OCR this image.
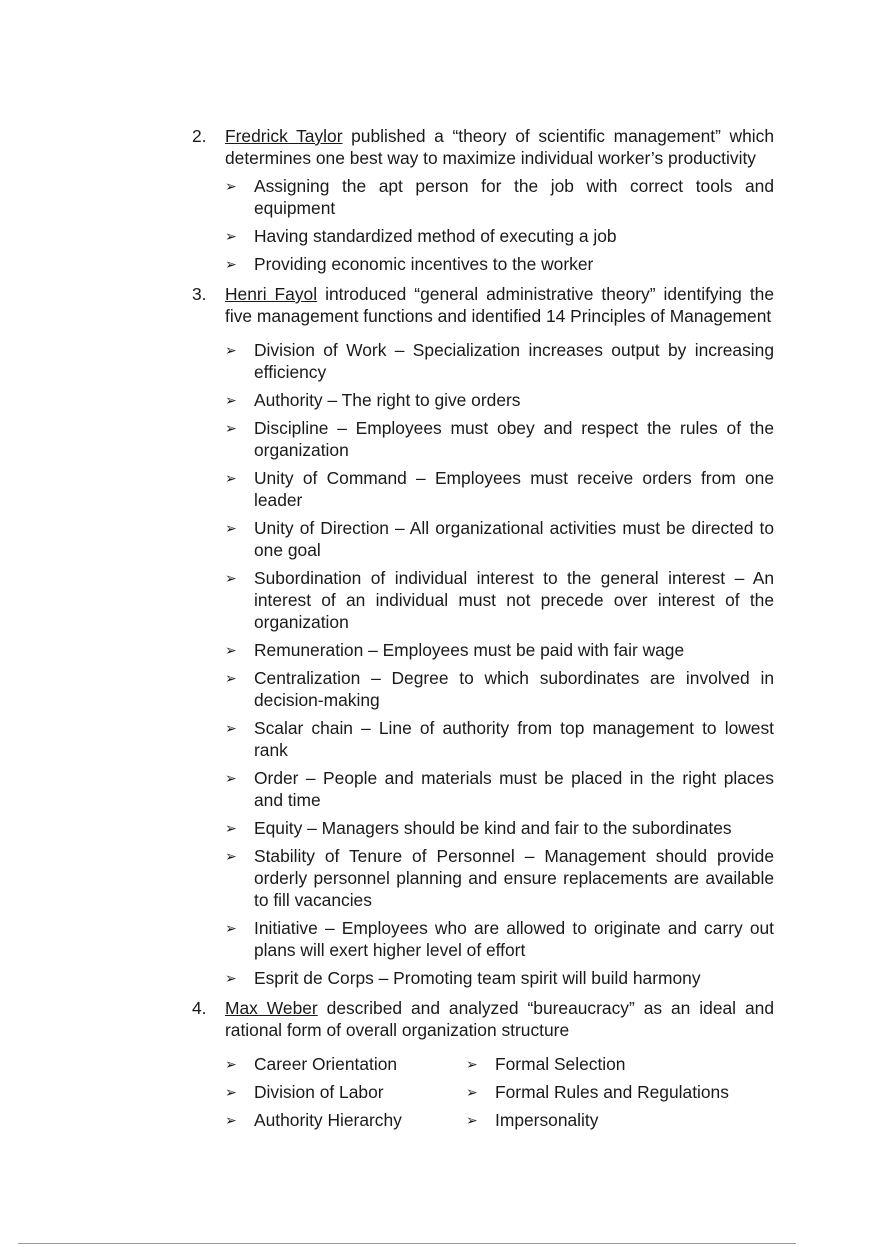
2.	Fredrick Taylor published a “theory of scientific management” which determines one best way to maximize individual worker’s productivity
➢ Assigning the apt person for the job with correct tools and equipment
➢ Having standardized method of executing a job
➢ Providing economic incentives to the worker
3.	Henri Fayol introduced “general administrative theory” identifying the five management functions and identified 14 Principles of Management
➢ Division of Work – Specialization increases output by increasing efficiency
➢ Authority – The right to give orders
➢ Discipline – Employees must obey and respect the rules of the organization
➢ Unity of Command – Employees must receive orders from one leader
➢ Unity of Direction – All organizational activities must be directed to one goal
➢ Subordination of individual interest to the general interest – An interest of an individual must not precede over interest of the organization
➢ Remuneration – Employees must be paid with fair wage
➢ Centralization – Degree to which subordinates are involved in decision-making
➢ Scalar chain – Line of authority from top management to lowest rank
➢ Order – People and materials must be placed in the right places and time
➢ Equity – Managers should be kind and fair to the subordinates
➢ Stability of Tenure of Personnel – Management should provide orderly personnel planning and ensure replacements are available to fill vacancies
➢ Initiative – Employees who are allowed to originate and carry out plans will exert higher level of effort
➢ Esprit de Corps – Promoting team spirit will build harmony
4.	Max Weber described and analyzed “bureaucracy” as an ideal and rational form of overall organization structure
➢ Career Orientation
➢ Division of Labor
➢ Authority Hierarchy
➢ Formal Selection
➢ Formal Rules and Regulations
➢ Impersonality
